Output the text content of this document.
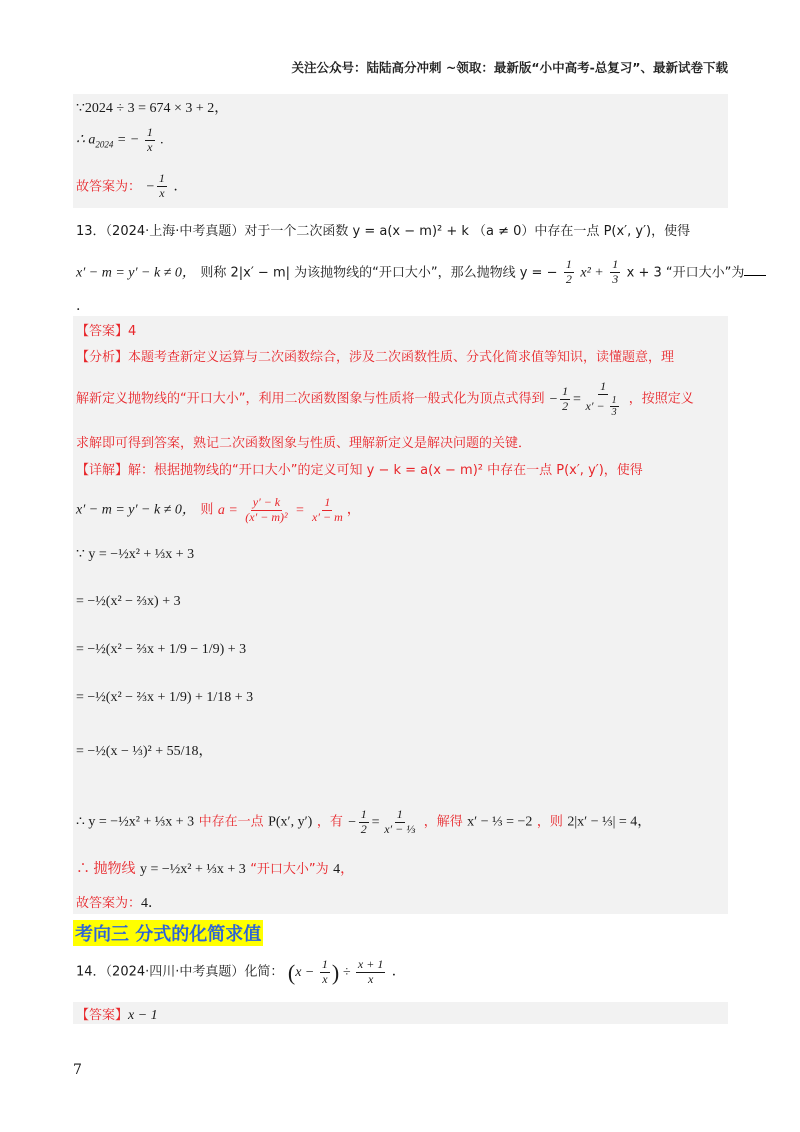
关注公众号：陆陆高分冲刺 ~领取：最新版“小中高考-总复习”、最新试卷下载
∵2024 ÷ 3 = 674 × 3 + 2，
∴ $a_{2024}$ = − $\frac{1}{x}$ .
故答案为： − $\frac{1}{x}$ .
13．（2024·上海·中考真题）对于一个二次函数 y = a(x − m)² + k （a ≠ 0）中存在一点 P(x′, y′)，使得
x′ − m = y′ − k ≠ 0， 则称 2|x′ − m| 为该抛物线的“开口大小”，那么抛物线 y = − $\frac{1}{2} x^2 + \frac{1}{3}$ x + 3 “开口大小”为
.
【答案】4
【分析】本题考查新定义运算与二次函数综合，涉及二次函数性质、分式化简求值等知识，读懂题意，理
解新定义抛物线的“开口大小”，利用二次函数图象与性质将一般式化为顶点式得到 − $\frac{1}{2} = \frac{1}{x' - \frac{1}{3}}$ ，按照定义
求解即可得到答案，熟记二次函数图象与性质、理解新定义是解决问题的关键．
【详解】解：根据抛物线的“开口大小”的定义可知 y − k = a(x − m)² 中存在一点 P(x′, y′)，使得
x′ − m = y′ − k ≠ 0， 则 $a = \frac{y' - k}{\text{(x′ − m)²}} = \frac{1}{x' - m}$ ，
∵ y = −½x² + ⅓x + 3
= −½(x² − ⅔x) + 3
= −½(x² − ⅔x + 1/9 − 1/9) + 3
= −½(x² − ⅔x + 1/9) + 1/18 + 3
= −½(x − ⅓)² + 55/18，
∴ y = −½x² + ⅓x + 3 中存在一点 P(x′, y′) ，有 − $\frac{1}{2} = \frac{1}{\text{x′ − ⅓}}$ ，解得 x′ − ⅓ = −2 ，则 2|x′ − ⅓| = 4，
∴ 抛物线 y = −½x² + ⅓x + 3 “开口大小”为 4，
故答案为：4．
考向三 分式的化简求值
14．（2024·四川·中考真题）化简： ($x - \frac{1}{x}$ ) ÷ $\frac{x + 1}{x}$ ．
【答案】x − 1
7
